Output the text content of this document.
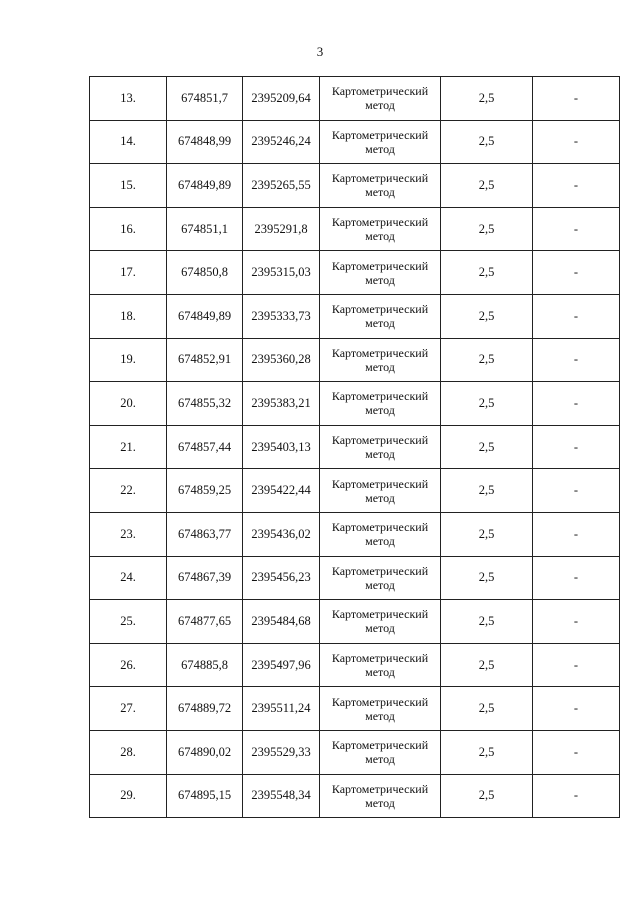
3
13.	674851,7	2395209,64	Картометрический метод	2,5	-
14.	674848,99	2395246,24	Картометрический метод	2,5	-
15.	674849,89	2395265,55	Картометрический метод	2,5	-
16.	674851,1	2395291,8	Картометрический метод	2,5	-
17.	674850,8	2395315,03	Картометрический метод	2,5	-
18.	674849,89	2395333,73	Картометрический метод	2,5	-
19.	674852,91	2395360,28	Картометрический метод	2,5	-
20.	674855,32	2395383,21	Картометрический метод	2,5	-
21.	674857,44	2395403,13	Картометрический метод	2,5	-
22.	674859,25	2395422,44	Картометрический метод	2,5	-
23.	674863,77	2395436,02	Картометрический метод	2,5	-
24.	674867,39	2395456,23	Картометрический метод	2,5	-
25.	674877,65	2395484,68	Картометрический метод	2,5	-
26.	674885,8	2395497,96	Картометрический метод	2,5	-
27.	674889,72	2395511,24	Картометрический метод	2,5	-
28.	674890,02	2395529,33	Картометрический метод	2,5	-
29.	674895,15	2395548,34	Картометрический метод	2,5	-
